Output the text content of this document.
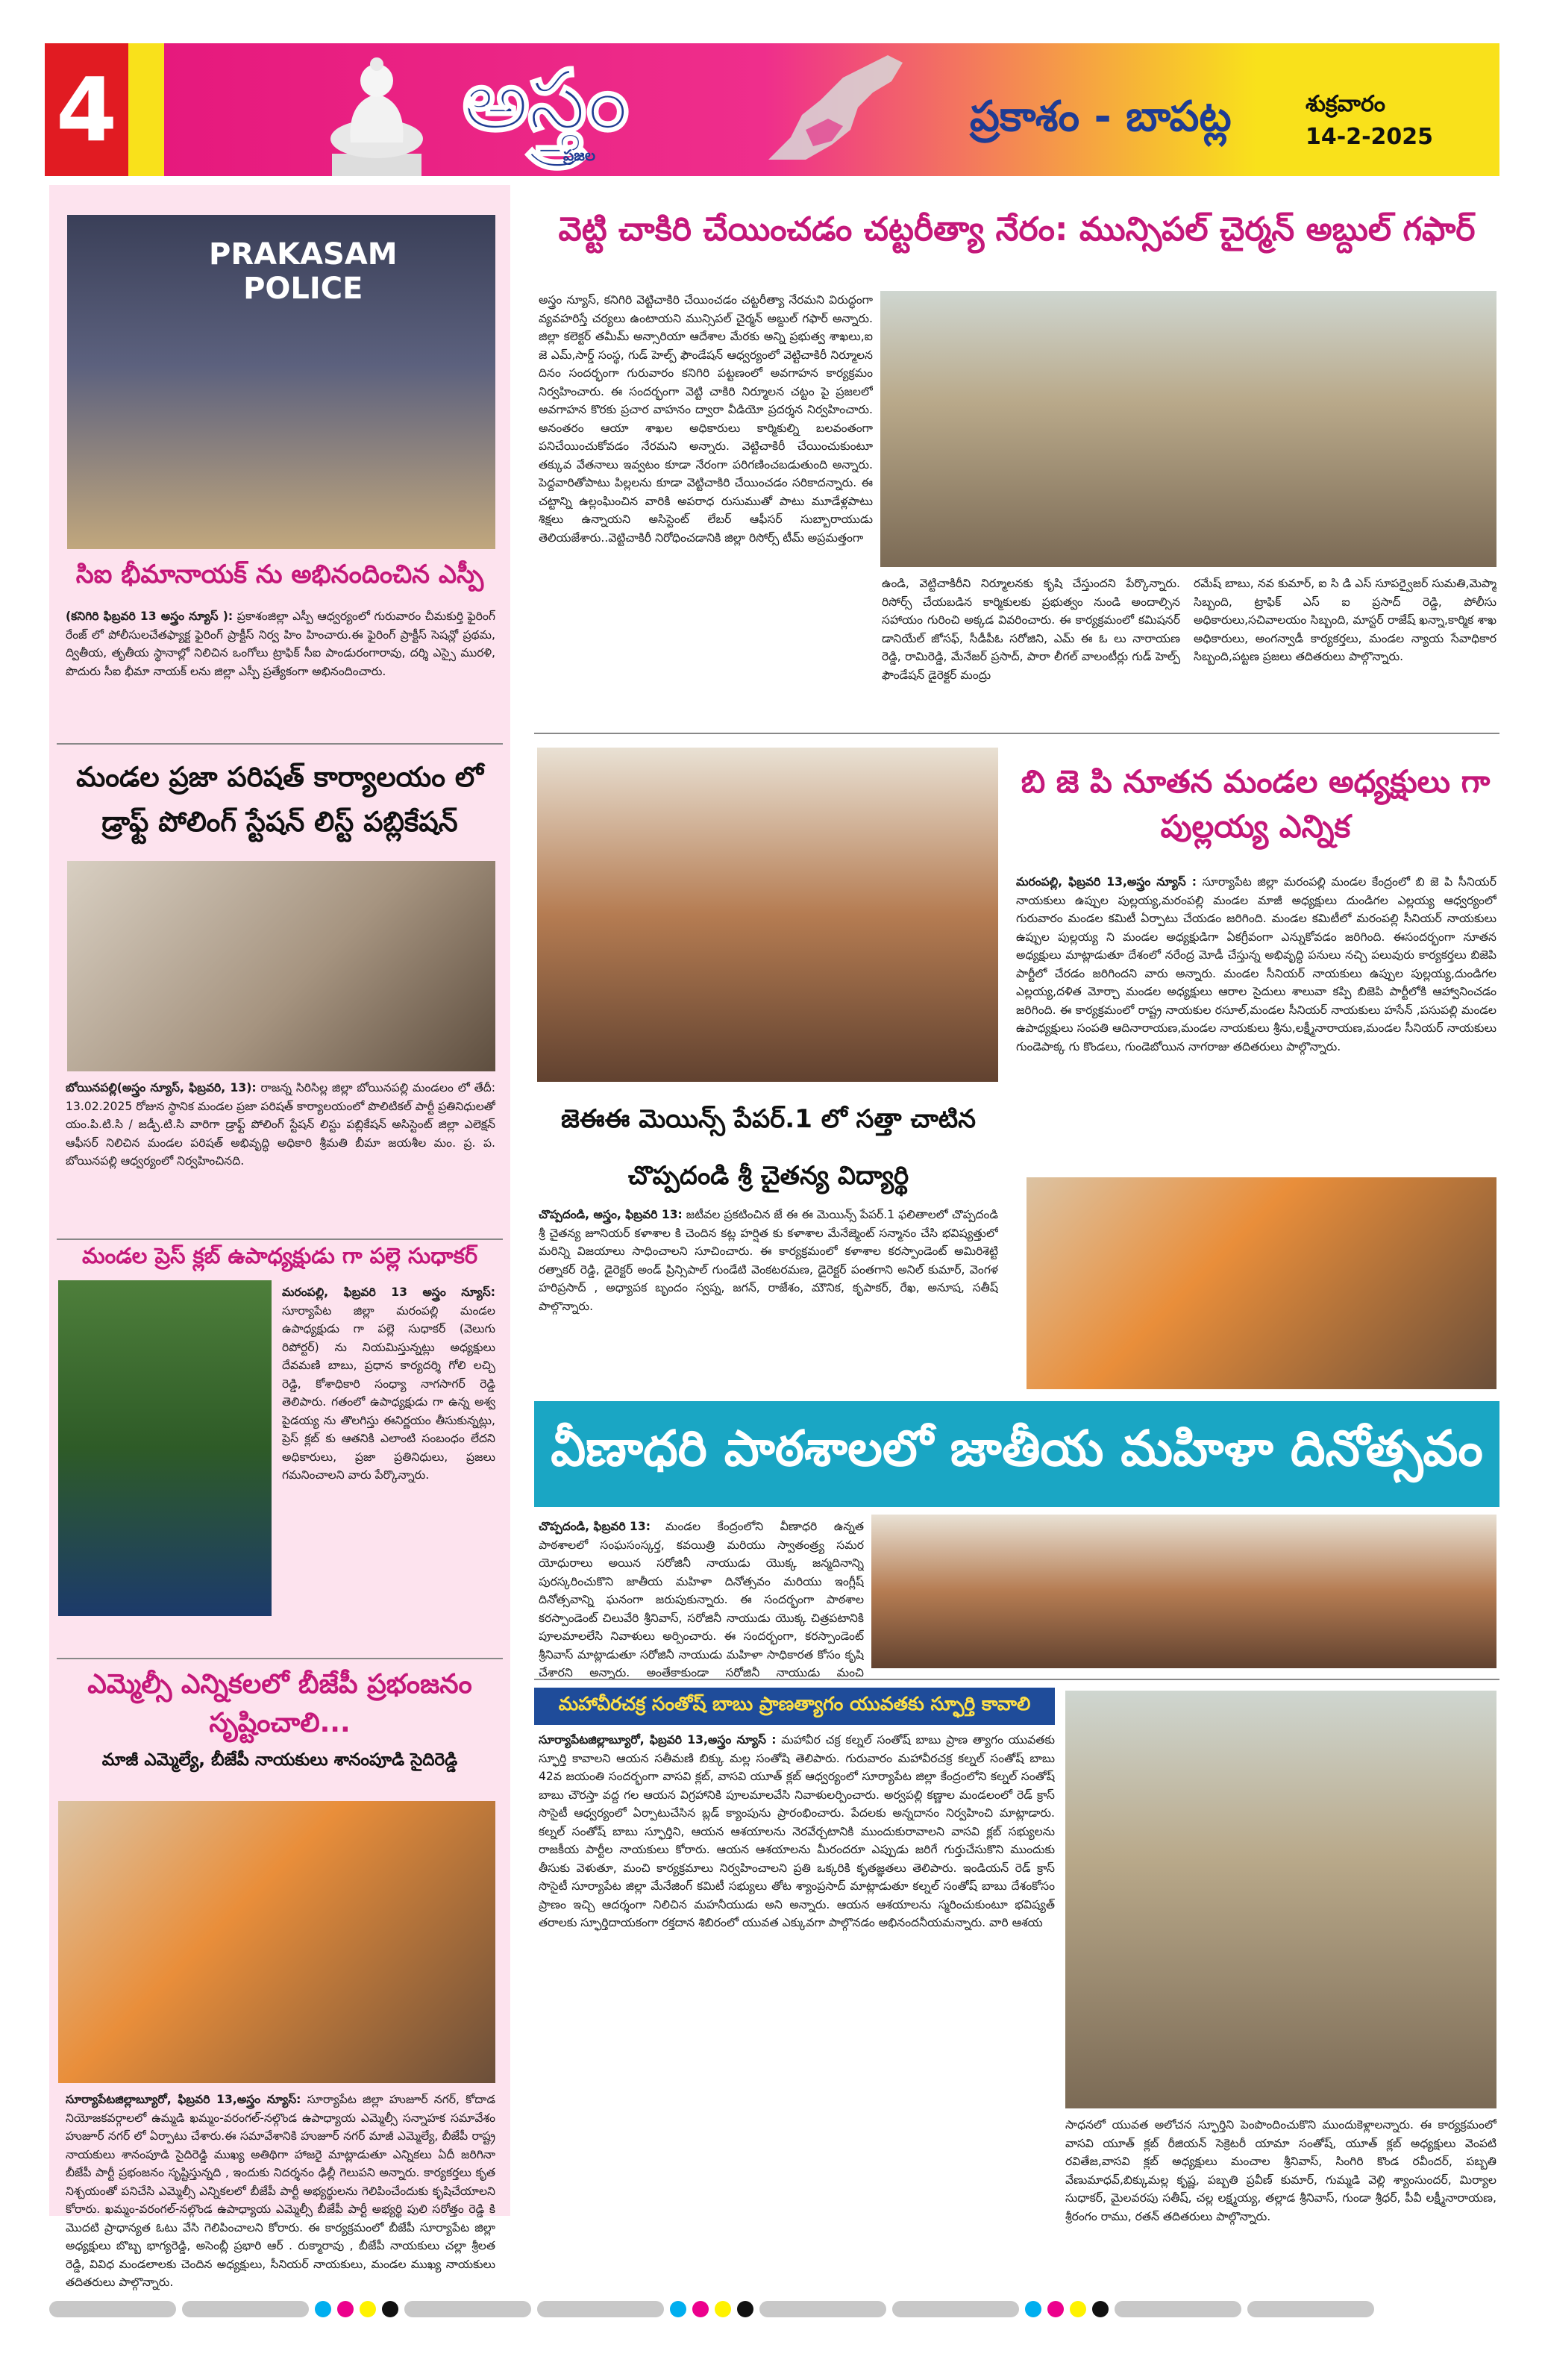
4	అస్త్రం
ప్రజల
ప్రకాశం - బాపట్ల	శుక్రవారం
14-2-2025
PRAKASAM
POLICE
సిఐ భీమానాయక్ ను అభినందించిన ఎస్పీ
(కనిగిరి ఫిబ్రవరి 13 అస్త్రం న్యూస్ ): ప్రకాశంజిల్లా ఎస్పీ ఆధ్వర్యంలో గురువారం చీమకుర్తి ఫైరింగ్ రేంజ్ లో పోలీసులచేతఫ్యాక్ట ఫైరింగ్ ప్రాక్టీస్ నిర్వ హిం హించారు.ఈ ఫైరింగ్ ప్రాక్టీస్ సెషన్లో ప్రథమ, ద్వితీయ, తృతీయ స్థానాల్లో నిలిచిన ఒంగోలు ట్రాఫిక్ సీఐ పాండురంగారావు, దర్శి ఎస్సై మురళి, పొదురు సీఐ భీమా నాయక్ లను జిల్లా ఎస్పీ ప్రత్యేకంగా అభినందించారు.
మండల ప్రజా పరిషత్ కార్యాలయం లో డ్రాఫ్ట్ పోలింగ్ స్టేషన్ లిస్ట్ పబ్లికేషన్
బోయినపల్లి(అస్త్రం న్యూస్, ఫిబ్రవరి, 13): రాజన్న సిరిసిల్ల జిల్లా బోయినపల్లి మండలం లో తేదీ: 13.02.2025 రోజున స్థానిక మండల ప్రజా పరిషత్ కార్యాలయంలో పొలిటికల్ పార్టీ ప్రతినిధులతో యం.పి.టి.సి / జడ్పీ.టి.సి వారిగా డ్రాఫ్ట్ పోలింగ్ స్టేషన్ లిస్టు పబ్లికేషన్ అసిస్టెంట్ జిల్లా ఎలెక్షన్ ఆఫీసర్ నిలిచిన మండల పరిషత్ అభివృద్ధి అధికారి శ్రీమతి బీమా జయశీల మం. ప్ర. ప. బోయినపల్లి ఆధ్వర్యంలో నిర్వహించినది.
మండల ప్రెస్ క్లబ్ ఉపాధ్యక్షుడు గా పల్లె సుధాకర్
మరంపల్లి, ఫిబ్రవరి 13 అస్త్రం న్యూస్: సూర్యాపేట జిల్లా మరంపల్లి మండల ఉపాధ్యక్షుడు గా పల్లె సుధాకర్ (వెలుగు రిపోర్టర్) ను నియమిస్తున్నట్లు అధ్యక్షులు దేవమణి బాబు, ప్రధాన కార్యదర్శి గోలి లచ్చి రెడ్డి, కోశాధికారి సంధ్యా నాగసాగర్ రెడ్డి తెలిపారు. గతంలో ఉపాధ్యక్షుడు గా ఉన్న అశ్వ పైడయ్య ను తొలగిస్తు ఈనిర్ణయం తీసుకున్నట్లు, ప్రెస్ క్లబ్ కు ఆతనికి ఎలాంటి సంబంధం లేదని అధికారులు, ప్రజా ప్రతినిధులు, ప్రజలు గమనించాలని వారు పేర్కొన్నారు.
ఎమ్మెల్సీ ఎన్నికలలో బీజేపీ ప్రభంజనం సృష్టించాలి...
మాజీ ఎమ్మెల్యే, బీజేపీ నాయకులు శానంపూడి సైదిరెడ్డి
సూర్యాపేటజిల్లాబ్యూరో, ఫిబ్రవరి 13,అస్త్రం న్యూస్: సూర్యాపేట జిల్లా హుజూర్ నగర్, కోదాడ నియోజకవర్గాలలో ఉమ్మడి ఖమ్మం-వరంగల్-నల్గొండ ఉపాధ్యాయ ఎమ్మెల్సీ సన్నాహక సమావేశం హుజూర్ నగర్ లో ఏర్పాటు చేశారు.ఈ సమావేశానికి హుజూర్ నగర్ మాజీ ఎమ్మెల్యే, బీజేపీ రాష్ట్ర నాయకులు శానంపూడి సైదిరెడ్డి ముఖ్య అతిథిగా హాజరై మాట్లాడుతూ ఎన్నికలు ఏదీ జరిగినా బీజేపీ పార్టీ ప్రభంజనం సృష్టిస్తున్నది , ఇందుకు నిదర్శనం ఢిల్లీ గెలుపని అన్నారు. కార్యకర్తలు కృత నిశ్చయంతో పనిచేసి ఎమ్మెల్సీ ఎన్నికలలో బీజేపీ పార్టీ అభ్యర్థులను గెలిపించేందుకు కృషిచేయాలని కోరారు. ఖమ్మం-వరంగల్-నల్గొండ ఉపాధ్యాయ ఎమ్మెల్సీ బీజేపీ పార్టీ అభ్యర్థి పులి సరోత్తం రెడ్డి కి మొదటి ప్రాధాన్యత ఓటు వేసి గెలిపించాలని కోరారు. ఈ కార్యక్రమంలో బీజేపీ సూర్యాపేట జిల్లా అధ్యక్షులు బొబ్బ భాగ్యరెడ్డి, అసెంబ్లీ ప్రభారి ఆర్ . రుక్మారావు , బీజేపీ నాయకులు చల్లా శ్రీలత రెడ్డి, వివిధ మండలాలకు చెందిన అధ్యక్షులు, సీనియర్ నాయకులు, మండల ముఖ్య నాయకులు తదితరులు పాల్గొన్నారు.
వెట్టి చాకిరి చేయించడం చట్టరీత్యా నేరం: మున్సిపల్ చైర్మన్ అబ్దుల్ గఫార్
అస్త్రం న్యూస్, కనిగిరి వెట్టిచాకిరి చేయించడం చట్టరీత్యా నేరమని విరుద్ధంగా వ్యవహరిస్తే చర్యలు ఉంటాయని మున్సిపల్ చైర్మన్ అబ్దుల్ గఫార్ అన్నారు. జిల్లా కలెక్టర్ తమీమ్ అన్సారియా ఆదేశాల మేరకు అన్ని ప్రభుత్వ శాఖలు,ఐ జె ఎమ్,సార్డ్ సంస్థ, గుడ్ హెల్ప్ ఫౌండేషన్ ఆధ్వర్యంలో వెట్టిచాకిరీ నిర్మూలన దినం సందర్భంగా గురువారం కనిగిరి పట్టణంలో అవగాహన కార్యక్రమం నిర్వహించారు. ఈ సందర్భంగా వెట్టి చాకిరి నిర్మూలన చట్టం పై ప్రజలలో అవగాహన కొరకు ప్రచార వాహనం ద్వారా వీడియో ప్రదర్శన నిర్వహించారు. అనంతరం ఆయా శాఖల అధికారులు కార్మికుల్ని బలవంతంగా పనిచేయించుకోవడం నేరమని అన్నారు. వెట్టిచాకిరీ చేయించుకుంటూ తక్కువ వేతనాలు ఇవ్వటం కూడా నేరంగా పరిగణించబడుతుంది అన్నారు. పెద్దవారితోపాటు పిల్లలను కూడా వెట్టిచాకిరి చేయించడం సరికాదన్నారు. ఈ చట్టాన్ని ఉల్లంఘించిన వారికి అపరాధ రుసుముతో పాటు మూడేళ్లపాటు శిక్షలు ఉన్నాయని అసిస్టెంట్ లేబర్ ఆఫీసర్ సుబ్బారాయుడు తెలియజేశారు..వెట్టిచాకిరీ నిరోధించడానికి జిల్లా రిసోర్స్ టీమ్ అప్రమత్తంగా
ఉండి, వెట్టిచాకిరీని నిర్మూలనకు కృషి చేస్తుందని పేర్కొన్నారు. రిసోర్స్ చేయబడిన కార్మికులకు ప్రభుత్వం నుండి అందాల్సిన సహాయం గురించి అక్కడ వివరించారు. ఈ కార్యక్రమంలో కమిషనర్ డానియేల్ జోసఫ్, సీడీపీఓ సరోజిని, ఎమ్ ఈ ఓ లు నారాయణ రెడ్డి, రామిరెడ్డి, మేనేజర్ ప్రసాద్, పారా లీగల్ వాలంటీర్లు గుడ్ హెల్ప్ ఫౌండేషన్ డైరెక్టర్ మంద్రు
రమేష్ బాబు, నవ కుమార్, ఐ సి డి ఎస్ సూపర్వైజర్ సుమతి,మెప్మా సిబ్బంది, ట్రాఫిక్ ఎస్ ఐ ప్రసాద్ రెడ్డి, పోలీసు అధికారులు,సచివాలయం సిబ్బంది, మాస్టర్ రాజేష్ ఖన్నా,కార్మిక శాఖ అధికారులు, అంగన్వాడీ కార్యకర్తలు, మండల న్యాయ సేవాధికార సిబ్బంది,పట్టణ ప్రజలు తదితరులు పాల్గొన్నారు.
జెఈఈ మెయిన్స్ పేపర్.1 లో సత్తా చాటిన చొప్పదండి శ్రీ చైతన్య విద్యార్థి
చొప్పదండి, అస్త్రం, ఫిబ్రవరి 13: జటీవల ప్రకటించిన జే ఈ ఈ మెయిన్స్ పేపర్.1 ఫలితాలలో చొప్పదండి శ్రీ చైతన్య జూనియర్ కళాశాల కి చెందిన కట్ల హర్షిత కు కళాశాల మేనేజ్మెంట్ సన్మానం చేసి భవిష్యత్తులో మరిన్ని విజయాలు సాధించాలని సూచించారు. ఈ కార్యక్రమంలో కళాశాల కరస్పాండెంట్ అమిరిశెట్టి రత్నాకర్ రెడ్డి, డైరెక్టర్ అండ్ ప్రిన్సిపాల్ గుండేటి వెంకటరమణ, డైరెక్టర్ పంతగాని అనిల్ కుమార్, వెంగళ హరిప్రసాద్ , అధ్యాపక బృందం స్వప్న, జగన్, రాజేశం, మౌనిక, కృపాకర్, రేఖ, అనూష, సతీష్ పాల్గొన్నారు.
బి జె పి నూతన మండల అధ్యక్షులు గా పుల్లయ్య ఎన్నిక
మరంపల్లి, ఫిబ్రవరి 13,అస్త్రం న్యూస్ : సూర్యాపేట జిల్లా మరంపల్లి మండల కేంద్రంలో బి జె పి సీనియర్ నాయకులు ఉప్పుల పుల్లయ్య,మరంపల్లి మండల మాజీ అధ్యక్షులు దుండిగల ఎల్లయ్య ఆధ్వర్యంలో గురువారం మండల కమిటీ ఏర్పాటు చేయడం జరిగింది. మండల కమిటీలో మరంపల్లి సీనియర్ నాయకులు ఉప్పుల పుల్లయ్య ని మండల అధ్యక్షుడిగా ఏకగ్రీవంగా ఎన్నుకోవడం జరిగింది. ఈసందర్భంగా నూతన అధ్యక్షులు మాట్లాడుతూ దేశంలో నరేంద్ర మోడీ చేస్తున్న అభివృద్ధి పనులు నచ్చి పలువురు కార్యకర్తలు బిజెపి పార్టీలో చేరడం జరిగిందని వారు అన్నారు. మండల సీనియర్ నాయకులు ఉప్పుల పుల్లయ్య,దుండిగల ఎల్లయ్య,దళిత మోర్చా మండల అధ్యక్షులు ఆరాల సైదులు శాలువా కప్పి బిజెపి పార్టీలోకి ఆహ్వానించడం జరిగింది. ఈ కార్యక్రమంలో రాష్ట్ర నాయకుల రసూల్,మండల సీనియర్ నాయకులు హసేన్ ,పసుపల్లి మండల ఉపాధ్యక్షులు సంపతి ఆదినారాయణ,మండల నాయకులు శ్రీను,లక్ష్మీనారాయణ,మండల సీనియర్ నాయకులు గుండెపాక్క గు కొండలు, గుండెబోయిన నాగరాజు తదితరులు పాల్గొన్నారు.
వీణాధరి పాఠశాలలో జాతీయ మహిళా దినోత్సవం
చొప్పదండి, ఫిబ్రవరి 13:	మండల కేంద్రంలోని వీణాధరి ఉన్నత పాఠశాలలో సంఘసంస్కర్త, కవయిత్రి మరియు స్వాతంత్ర్య సమర యోధురాలు అయిన సరోజినీ నాయుడు యొక్క జన్మదినాన్ని పురస్కరించుకొని జాతీయ మహిళా దినోత్సవం మరియు ఇంగ్లీష్ దినోత్సవాన్ని ఘనంగా జరుపుకున్నారు. ఈ సందర్భంగా పాఠశాల కరస్పాండెంట్ చిలువేరి శ్రీనివాస్, సరోజినీ నాయుడు యొక్క చిత్రపటానికి పూలమాలలేసి నివాళులు అర్పించారు. ఈ సందర్భంగా, కరస్పాండెంట్ శ్రీనివాస్ మాట్లాడుతూ సరోజినీ నాయుడు మహిళా సాధికారత కోసం కృషి చేశారని అన్నారు. అంతేకాకుండా సరోజినీ నాయుడు మంచి
మహావీరచక్ర సంతోష్ బాబు ప్రాణత్యాగం యువతకు స్ఫూర్తి కావాలి
సూర్యాపేటజిల్లాబ్యూరో, ఫిబ్రవరి 13,అస్త్రం న్యూస్ : మహావీర చక్ర కల్నల్ సంతోష్ బాబు ప్రాణ త్యాగం యువతకు స్ఫూర్తి కావాలని ఆయన సతీమణి బిక్కు మల్ల సంతోషి తెలిపారు. గురువారం మహావీరచక్ర కల్నల్ సంతోష్ బాబు 42వ జయంతి సందర్భంగా వాసవి క్లబ్, వాసవి యూత్ క్లబ్ ఆధ్వర్యంలో సూర్యాపేట జిల్లా కేంద్రంలోని కల్నల్ సంతోష్ బాబు చౌరస్తా వద్ద గల ఆయన విగ్రహానికి పూలమాలవేసి నివాళులర్పించారు. అర్వపల్లి కణ్ణాల మండలంలో రెడ్ క్రాస్ సొసైటీ ఆధ్వర్యంలో ఏర్పాటుచేసిన బ్లడ్ క్యాంపును ప్రారంభించారు. పేదలకు అన్నదానం నిర్వహించి మాట్లాడారు. కల్నల్ సంతోష్ బాబు స్ఫూర్తిని, ఆయన ఆశయాలను నెరవేర్చటానికి ముందుకురావాలని వాసవి క్లబ్ సభ్యులను రాజకీయ పార్టీల నాయకులు కోరారు. ఆయన ఆశయాలను మీరందరూ ఎప్పుడు జరిగే గుర్తుచేసుకొని ముందుకు తీసుకు వెళుతూ, మంచి కార్యక్రమాలు నిర్వహించాలని ప్రతి ఒక్కరికి కృతజ్ఞతలు తెలిపారు. ఇండియన్ రెడ్ క్రాస్ సొసైటీ సూర్యాపేట జిల్లా మేనేజింగ్ కమిటీ సభ్యులు తోట శ్యాంప్రసాద్ మాట్లాడుతూ కల్నల్ సంతోష్ బాబు దేశంకోసం ప్రాణం ఇచ్చి ఆదర్శంగా నిలిచిన మహనీయుడు అని అన్నారు. ఆయన ఆశయాలను స్మరించుకుంటూ భవిష్యత్ తరాలకు స్ఫూర్తిదాయకంగా రక్తదాన శిబిరంలో యువత ఎక్కువగా పాల్గొనడం అభినందనీయమన్నారు. వారి ఆశయ
సాధనలో యువత అలోచన స్ఫూర్తిని పెంపొందించుకొని ముందుకెళ్లాలన్నారు. ఈ కార్యక్రమంలో వాసవి యూత్ క్లబ్ రీజియన్ సెక్రెటరీ యామా సంతోష్, యూత్ క్లబ్ అధ్యక్షులు వెంపటి రవితేజ,వాసవి క్లబ్ అధ్యక్షులు మంచాల శ్రీనివాస్, సింగిరి కొండ రవీందర్, పబ్బతి వేణుమాధవ్,బిక్కుమల్ల కృష్ణ, పబ్బతి ప్రవీణ్ కుమార్, గుమ్మడి వెల్లి శ్యాంసుందర్, మిర్యాల సుధాకర్, మైలవరపు సతీష్, చల్ల లక్ష్మయ్య, తల్లాడ శ్రీనివాస్, గుండా శ్రీధర్, పీవీ లక్ష్మీనారాయణ, శ్రీరంగం రాము, రతన్ తదితరులు పాల్గొన్నారు.
